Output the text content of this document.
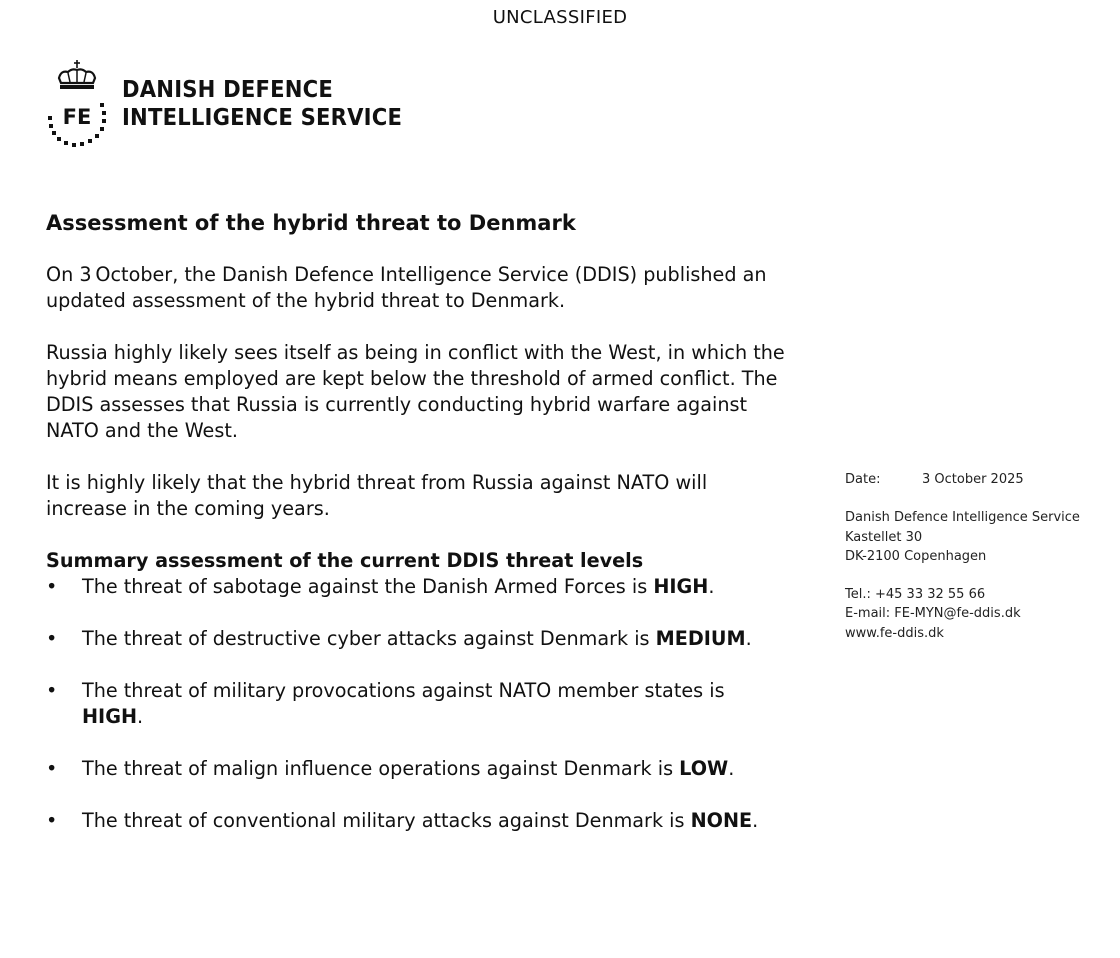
UNCLASSIFIED
FE
DANISH DEFENCE
INTELLIGENCE SERVICE
Assessment of the hybrid threat to Denmark

On 3 October, the Danish Defence Intelligence Service (DDIS) published an updated assessment of the hybrid threat to Denmark.

Russia highly likely sees itself as being in conflict with the West, in which the hybrid means employed are kept below the threshold of armed conflict. The DDIS assesses that Russia is currently conducting hybrid warfare against NATO and the West.

It is highly likely that the hybrid threat from Russia against NATO will increase in the coming years.

Summary assessment of the current DDIS threat levels

• The threat of sabotage against the Danish Armed Forces is HIGH.
• The threat of destructive cyber attacks against Denmark is MEDIUM.
• The threat of military provocations against NATO member states is HIGH.
• The threat of malign influence operations against Denmark is LOW.
• The threat of conventional military attacks against Denmark is NONE.
Date:	3 October 2025
Danish Defence Intelligence Service
Kastellet 30
DK-2100 Copenhagen
Tel.: +45 33 32 55 66
E-mail: FE-MYN@fe-ddis.dk
www.fe-ddis.dk
